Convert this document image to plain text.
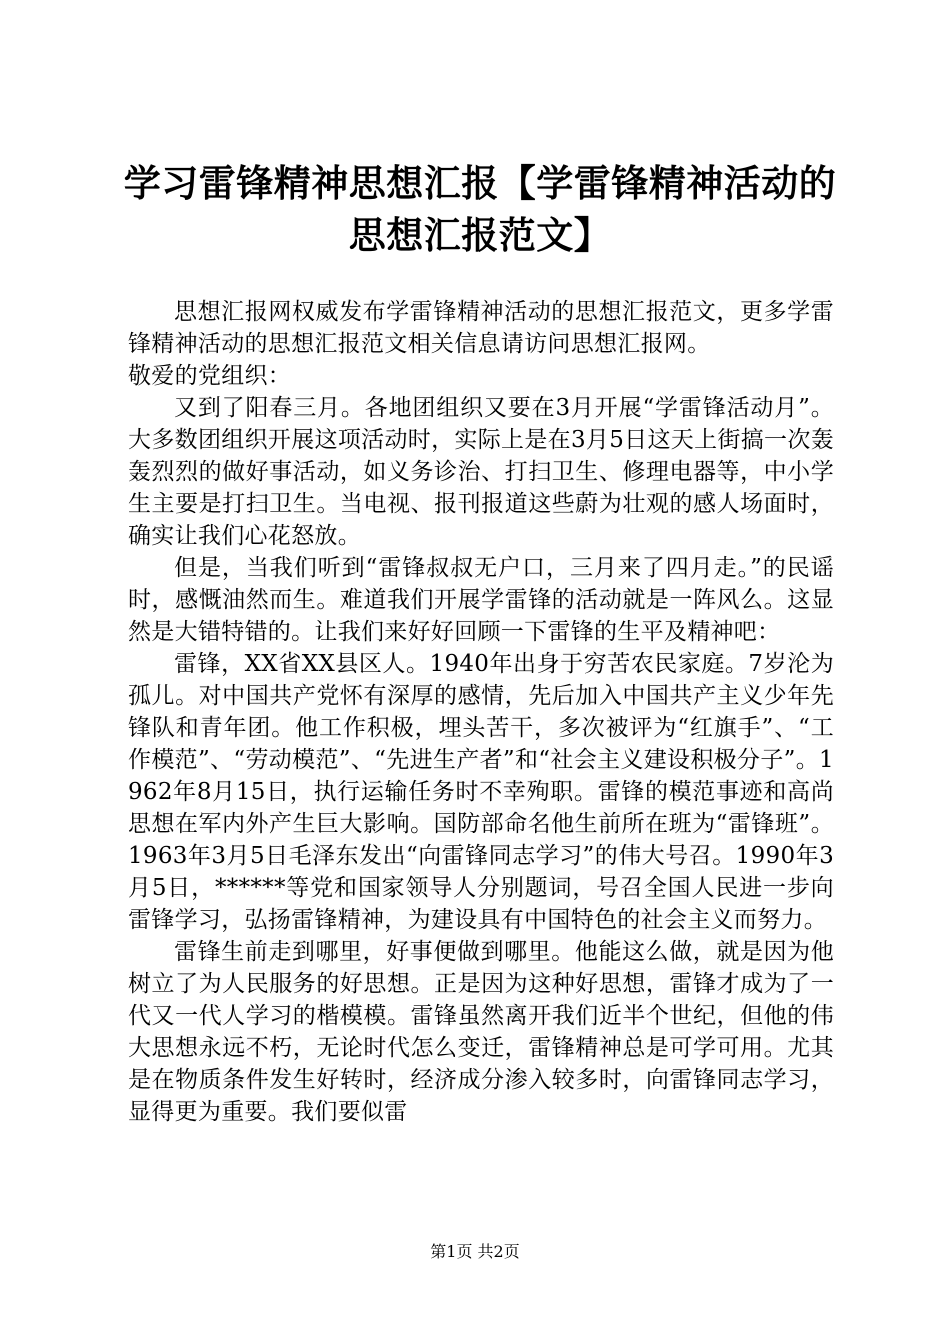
学习雷锋精神思想汇报【学雷锋精神活动的思想汇报范文】

思想汇报网权威发布学雷锋精神活动的思想汇报范文，更多学雷锋精神活动的思想汇报范文相关信息请访问思想汇报网。

敬爱的党组织：

又到了阳春三月。各地团组织又要在3月开展“学雷锋活动月”。大多数团组织开展这项活动时，实际上是在3月5日这天上街搞一次轰轰烈烈的做好事活动，如义务诊治、打扫卫生、修理电器等，中小学生主要是打扫卫生。当电视、报刊报道这些蔚为壮观的感人场面时，确实让我们心花怒放。

但是，当我们听到“雷锋叔叔无户口，三月来了四月走。”的民谣时，感慨油然而生。难道我们开展学雷锋的活动就是一阵风么。这显然是大错特错的。让我们来好好回顾一下雷锋的生平及精神吧：

雷锋，XX省XX县区人。1940年出身于穷苦农民家庭。7岁沦为孤儿。对中国共产党怀有深厚的感情，先后加入中国共产主义少年先锋队和青年团。他工作积极，埋头苦干，多次被评为“红旗手”、“工作模范”、“劳动模范”、“先进生产者”和“社会主义建设积极分子”。1962年8月15日，执行运输任务时不幸殉职。雷锋的模范事迹和高尚思想在军内外产生巨大影响。国防部命名他生前所在班为“雷锋班”。1963年3月5日毛泽东发出“向雷锋同志学习”的伟大号召。1990年3月5日，******等党和国家领导人分别题词，号召全国人民进一步向雷锋学习，弘扬雷锋精神，为建设具有中国特色的社会主义而努力。

雷锋生前走到哪里，好事便做到哪里。他能这么做，就是因为他树立了为人民服务的好思想。正是因为这种好思想，雷锋才成为了一代又一代人学习的楷模模。雷锋虽然离开我们近半个世纪，但他的伟大思想永远不朽，无论时代怎么变迁，雷锋精神总是可学可用。尤其是在物质条件发生好转时，经济成分渗入较多时，向雷锋同志学习，显得更为重要。我们要似雷

第1页 共2页
